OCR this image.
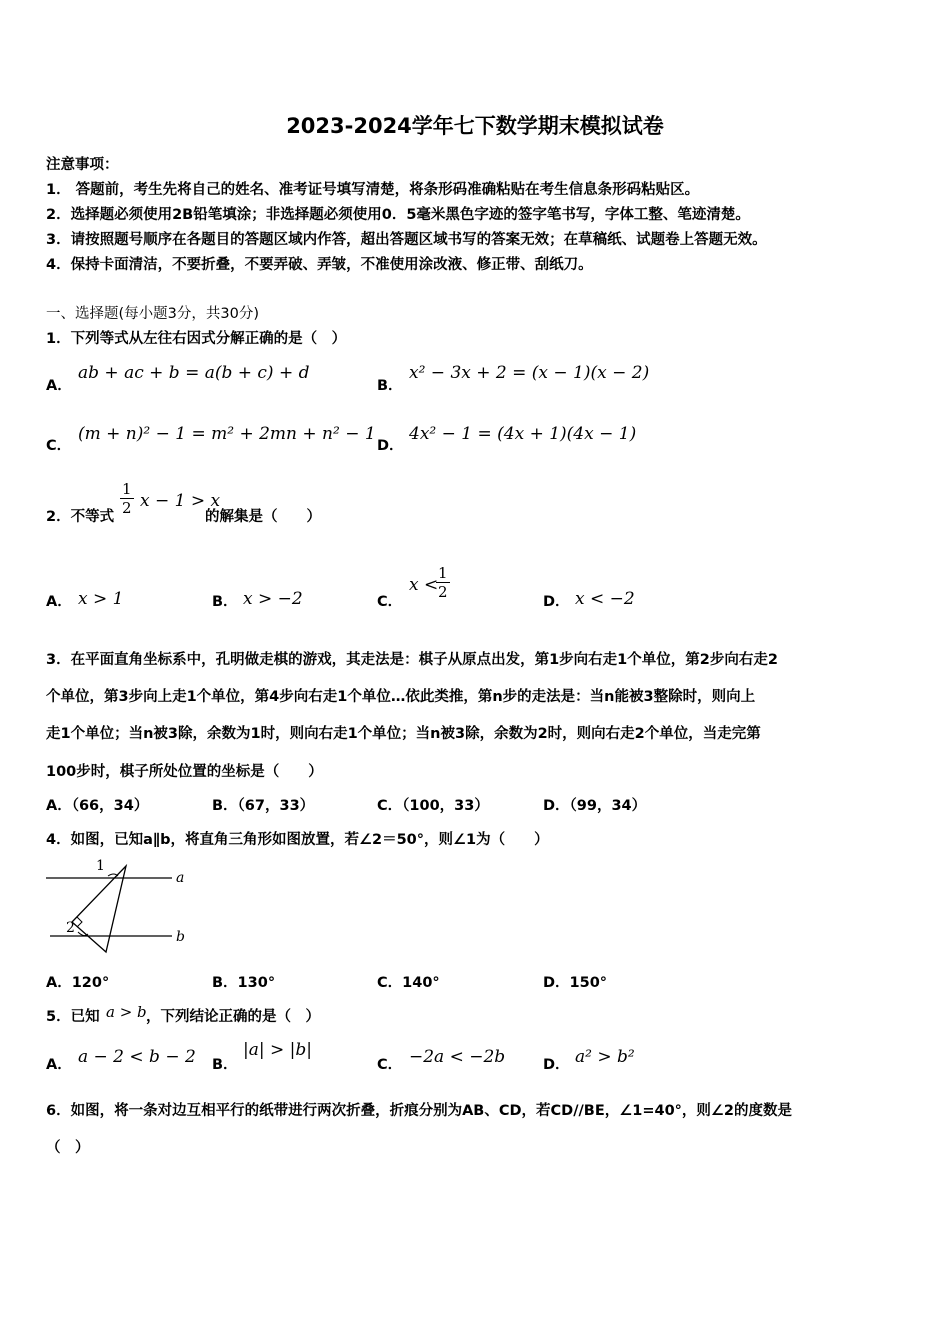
2023-2024学年七下数学期末模拟试卷
注意事项：
1． 答题前，考生先将自己的姓名、准考证号填写清楚，将条形码准确粘贴在考生信息条形码粘贴区。
2．选择题必须使用2B铅笔填涂；非选择题必须使用0．5毫米黑色字迹的签字笔书写，字体工整、笔迹清楚。
3．请按照题号顺序在各题目的答题区域内作答，超出答题区域书写的答案无效；在草稿纸、试题卷上答题无效。
4．保持卡面清洁，不要折叠，不要弄破、弄皱，不准使用涂改液、修正带、刮纸刀。
一、选择题(每小题3分，共30分)
1．下列等式从左往右因式分解正确的是（　）
A．
ab + ac + b = a(b + c) + d
B．
x² − 3x + 2 = (x − 1)(x − 2)
C．
(m + n)² − 1 = m² + 2mn + n² − 1
D．
4x² − 1 = (4x + 1)(4x − 1)
2．不等式 $\frac{1}{2}$ x − 1 > x
的解集是（　　）
A． x > 1	B． x > −2	C．
x <
$\frac{1}{2}$
D． x < −2
3．在平面直角坐标系中，孔明做走棋的游戏，其走法是：棋子从原点出发，第1步向右走1个单位，第2步向右走2
个单位，第3步向上走1个单位，第4步向右走1个单位…依此类推，第n步的走法是：当n能被3整除时，则向上
走1个单位；当n被3除，余数为1时，则向右走1个单位；当n被3除，余数为2时，则向右走2个单位，当走完第
100步时，棋子所处位置的坐标是（　　）
A．（66，34）	B．（67，33）	C．（100，33）	D．（99，34）
4．如图，已知a∥b，将直角三角形如图放置，若∠2＝50°，则∠1为（　　）
1
2
a
b
A．120°	B．130°	C．140°	D．150°
5．已知 a > b ，下列结论正确的是（　）
A． a − 2 < b − 2 B．
|a| > |b|
C． −2a < −2b	D． a² > b²
6．如图，将一条对边互相平行的纸带进行两次折叠，折痕分别为AB、CD，若CD//BE，∠1=40°，则∠2的度数是
（　）
